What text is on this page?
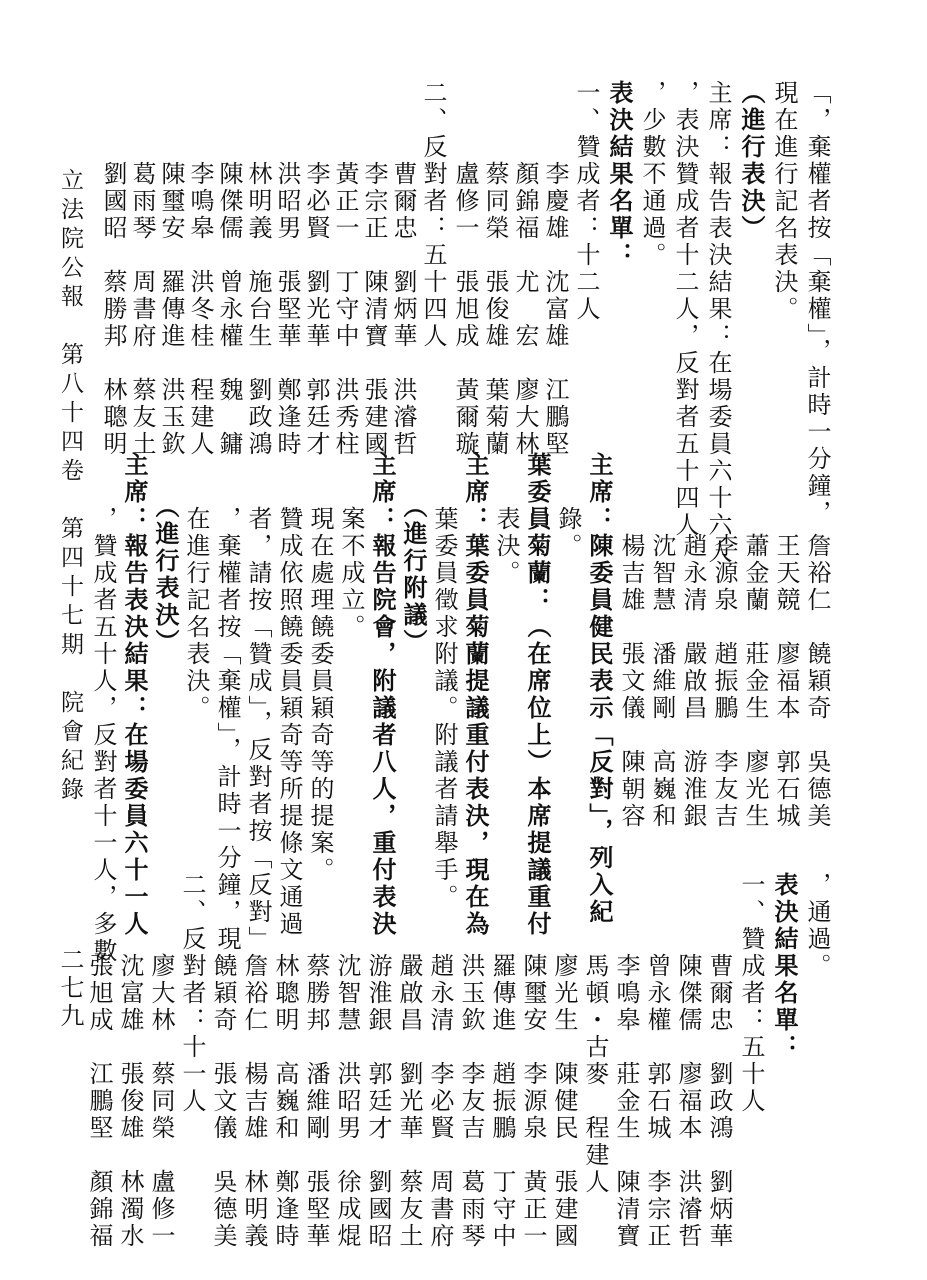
「，棄權者按「棄權」，計時一分鐘，
現在進行記名表決。
（進行表決）
主席：報告表決結果：在場委員六十六人
，表決贊成者十二人，反對者五十四人
，少數不通過。
表決結果名單：
一、贊成者：十二人
　　　李慶雄　沈富雄　江鵬堅
　　　顏錦福　尤　宏　廖大林
　　　蔡同榮　張俊雄　葉菊蘭
　　　盧修一　張旭成　黃爾璇
二、反對者：五十四人
　　　曹爾忠　劉炳華　洪濬哲
　　　李宗正　陳清寶　張建國
　　　黃正一　丁守中　洪秀柱
　　　李必賢　劉光華　郭廷才
　　　洪昭男　張堅華　鄭逢時
　　　林明義　施台生　劉政鴻
　　　陳傑儒　曾永權　魏　鏞
　　　李鳴皋　洪冬桂　程建人
　　　陳璽安　羅傳進　洪玉欽
　　　葛雨琴　周書府　蔡友土
　　　劉國昭　蔡勝邦　林聰明
　　　詹裕仁　饒穎奇　吳德美
　　　王天競　廖福本　郭石城
　　　蕭金蘭　莊金生　廖光生
　　　李源泉　趙振鵬　李友吉
　　　趙永清　嚴啟昌　游淮銀
　　　沈智慧　潘維剛　高巍和
　　　楊吉雄　張文儀　陳朝容
主席：陳委員健民表示「反對」，列入紀
　　錄。
葉委員菊蘭：（在席位上）本席提議重付
　　表決。
主席：葉委員菊蘭提議重付表決，現在為
　　葉委員徵求附議。附議者請舉手。
　　（進行附議）
主席：報告院會，附議者八人，重付表決
　　案不成立。
　　現在處理饒委員穎奇等的提案。
　　贊成依照饒委員穎奇等所提條文通過
　　者，請按「贊成」，反對者按「反對」
　　，棄權者按「棄權」，計時一分鐘，現
　　在進行記名表決。
　　（進行表決）
主席：報告表決結果：在場委員六十一人
　　，贊成者五十人，反對者十一人，多數	，通過。
表決結果名單：
一、贊成者：五十人
　　　曹爾忠　劉政鴻　劉炳華
　　　陳傑儒　廖福本　洪濬哲
　　　曾永權　郭石城　李宗正
　　　李鳴皋　莊金生　陳清寶
　　　馬頓・古麥　程建人
　　　廖光生　陳健民　張建國
　　　陳璽安　李源泉　黃正一
　　　羅傳進　趙振鵬　丁守中
　　　洪玉欽　李友吉　葛雨琴
　　　趙永清　李必賢　周書府
　　　嚴啟昌　劉光華　蔡友土
　　　游淮銀　郭廷才　劉國昭
　　　沈智慧　洪昭男　徐成焜
　　　蔡勝邦　潘維剛　張堅華
　　　林聰明　高巍和　鄭逢時
　　　詹裕仁　楊吉雄　林明義
　　　饒穎奇　張文儀　吳德美
二、反對者：十一人
　　　廖大林　蔡同榮　盧修一
　　　沈富雄　張俊雄　林濁水
　　　張旭成　江鵬堅　顏錦福
立法院公報　第八十四卷　第四十七期　院會紀錄
二七九
